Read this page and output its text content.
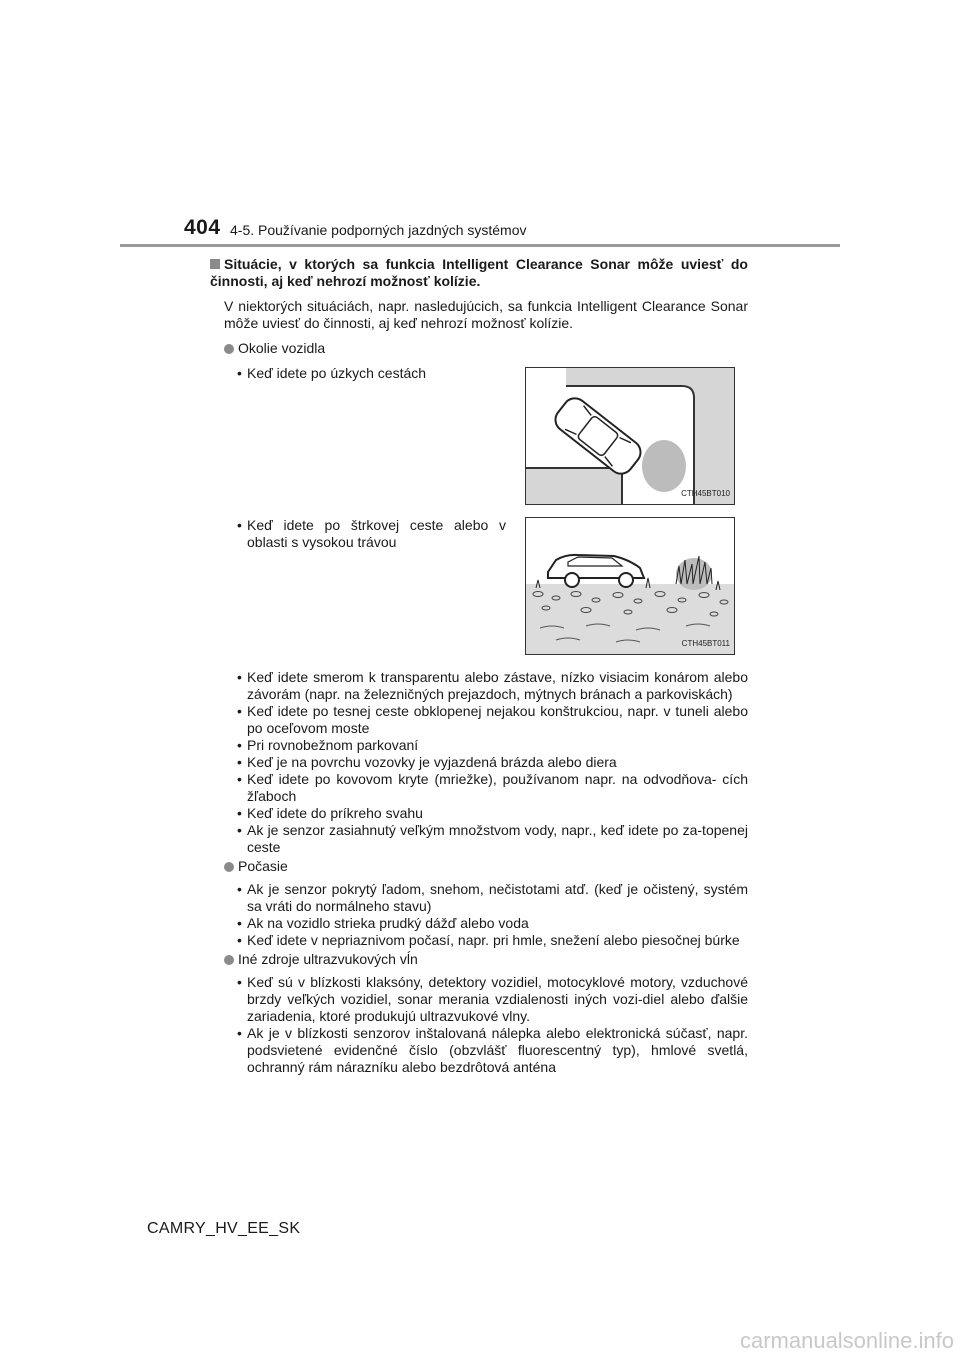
404 4-5. Používanie podporných jazdných systémov

Situácie, v ktorých sa funkcia Intelligent Clearance Sonar môže uviesť do činnosti, aj keď nehrozí možnosť kolízie.

V niektorých situáciách, napr. nasledujúcich, sa funkcia Intelligent Clearance Sonar môže uviesť do činnosti, aj keď nehrozí možnosť kolízie.

Okolie vozidla
• Keď idete po úzkych cestách
CTH45BT010
• Keď idete po štrkovej ceste alebo v oblasti s vysokou trávou
CTH45BT011
• Keď idete smerom k transparentu alebo zástave, nízko visiacim konárom alebo závorám (napr. na železničných prejazdoch, mýtnych bránach a parkoviskách)
• Keď idete po tesnej ceste obklopenej nejakou konštrukciou, napr. v tuneli alebo po oceľovom moste
• Pri rovnobežnom parkovaní
• Keď je na povrchu vozovky je vyjazdená brázda alebo diera
• Keď idete po kovovom kryte (mriežke), používanom napr. na odvodňova- cích žľaboch
• Keď idete do príkreho svahu
• Ak je senzor zasiahnutý veľkým množstvom vody, napr., keď idete po za-topenej ceste
Počasie
• Ak je senzor pokrytý ľadom, snehom, nečistotami atď. (keď je očistený, systém sa vráti do normálneho stavu)
• Ak na vozidlo strieka prudký dážď alebo voda
• Keď idete v nepriaznivom počasí, napr. pri hmle, snežení alebo piesočnej búrke
Iné zdroje ultrazvukových vĺn
• Keď sú v blízkosti klaksóny, detektory vozidiel, motocyklové motory, vzduchové brzdy veľkých vozidiel, sonar merania vzdialenosti iných vozi-diel alebo ďalšie zariadenia, ktoré produkujú ultrazvukové vlny.
• Ak je v blízkosti senzorov inštalovaná nálepka alebo elektronická súčasť, napr. podsvietené evidenčné číslo (obzvlášť fluorescentný typ), hmlové svetlá, ochranný rám nárazníku alebo bezdrôtová anténa
CAMRY_HV_EE_SK
carmanualsonline.info
